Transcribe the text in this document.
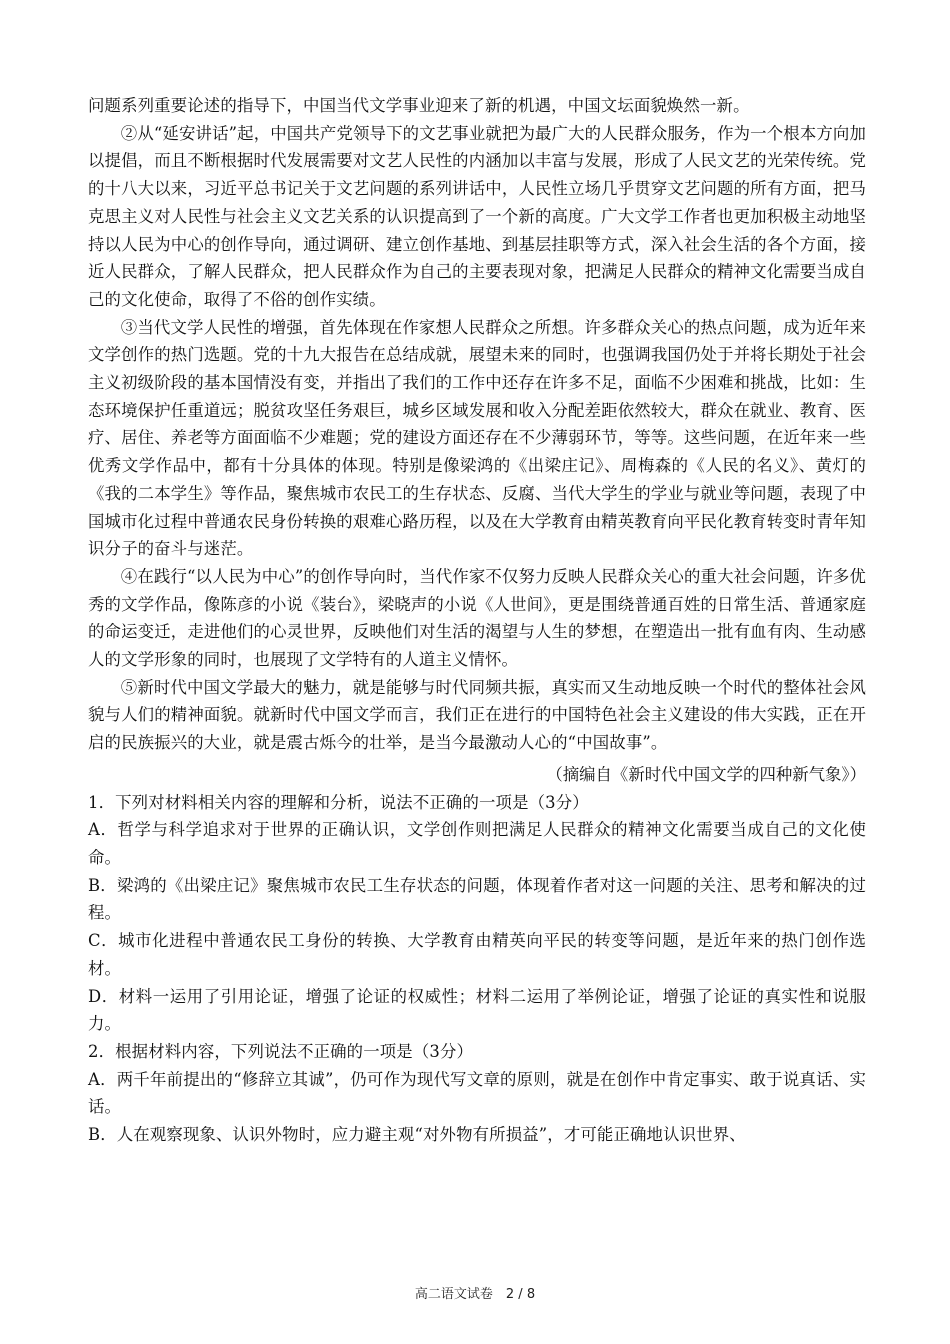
问题系列重要论述的指导下，中国当代文学事业迎来了新的机遇，中国文坛面貌焕然一新。

②从“延安讲话”起，中国共产党领导下的文艺事业就把为最广大的人民群众服务，作为一个根本方向加以提倡，而且不断根据时代发展需要对文艺人民性的内涵加以丰富与发展，形成了人民文艺的光荣传统。党的十八大以来，习近平总书记关于文艺问题的系列讲话中，人民性立场几乎贯穿文艺问题的所有方面，把马克思主义对人民性与社会主义文艺关系的认识提高到了一个新的高度。广大文学工作者也更加积极主动地坚持以人民为中心的创作导向，通过调研、建立创作基地、到基层挂职等方式，深入社会生活的各个方面，接近人民群众，了解人民群众，把人民群众作为自己的主要表现对象，把满足人民群众的精神文化需要当成自己的文化使命，取得了不俗的创作实绩。

③当代文学人民性的增强，首先体现在作家想人民群众之所想。许多群众关心的热点问题，成为近年来文学创作的热门选题。党的十九大报告在总结成就，展望未来的同时，也强调我国仍处于并将长期处于社会主义初级阶段的基本国情没有变，并指出了我们的工作中还存在许多不足，面临不少困难和挑战，比如：生态环境保护任重道远；脱贫攻坚任务艰巨，城乡区域发展和收入分配差距依然较大，群众在就业、教育、医疗、居住、养老等方面面临不少难题；党的建设方面还存在不少薄弱环节，等等。这些问题，在近年来一些优秀文学作品中，都有十分具体的体现。特别是像梁鸿的《出梁庄记》、周梅森的《人民的名义》、黄灯的《我的二本学生》等作品，聚焦城市农民工的生存状态、反腐、当代大学生的学业与就业等问题，表现了中国城市化过程中普通农民身份转换的艰难心路历程，以及在大学教育由精英教育向平民化教育转变时青年知识分子的奋斗与迷茫。

④在践行“以人民为中心”的创作导向时，当代作家不仅努力反映人民群众关心的重大社会问题，许多优秀的文学作品，像陈彦的小说《装台》，梁晓声的小说《人世间》，更是围绕普通百姓的日常生活、普通家庭的命运变迁，走进他们的心灵世界，反映他们对生活的渴望与人生的梦想，在塑造出一批有血有肉、生动感人的文学形象的同时，也展现了文学特有的人道主义情怀。

⑤新时代中国文学最大的魅力，就是能够与时代同频共振，真实而又生动地反映一个时代的整体社会风貌与人们的精神面貌。就新时代中国文学而言，我们正在进行的中国特色社会主义建设的伟大实践，正在开启的民族振兴的大业，就是震古烁今的壮举，是当今最激动人心的“中国故事”。

（摘编自《新时代中国文学的四种新气象》）

1．下列对材料相关内容的理解和分析，说法不正确的一项是（3分）

A．哲学与科学追求对于世界的正确认识，文学创作则把满足人民群众的精神文化需要当成自己的文化使命。

B．梁鸿的《出梁庄记》聚焦城市农民工生存状态的问题，体现着作者对这一问题的关注、思考和解决的过程。

C．城市化进程中普通农民工身份的转换、大学教育由精英向平民的转变等问题，是近年来的热门创作选材。

D．材料一运用了引用论证，增强了论证的权威性；材料二运用了举例论证，增强了论证的真实性和说服力。

2．根据材料内容，下列说法不正确的一项是（3分）

A．两千年前提出的“修辞立其诚”，仍可作为现代写文章的原则，就是在创作中肯定事实、敢于说真话、实话。

B．人在观察现象、认识外物时，应力避主观“对外物有所损益”，才可能正确地认识世界、

高二语文试卷　2 / 8
